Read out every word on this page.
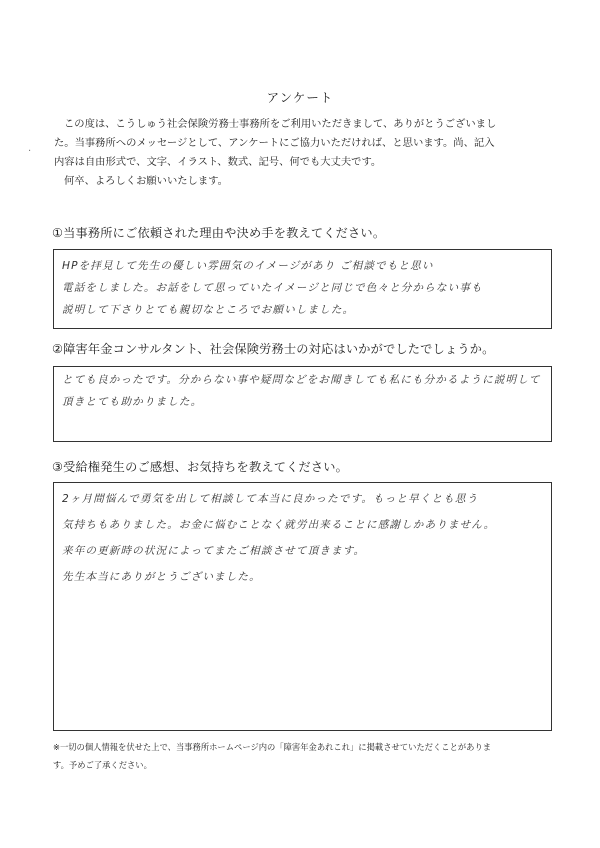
アンケート
.

この度は、こうしゅう社会保険労務士事務所をご利用いただきまして、ありがとうございまし

た。当事務所へのメッセージとして、アンケートにご協力いただければ、と思います。尚、記入

内容は自由形式で、文字、イラスト、数式、記号、何でも大丈夫です。

何卒、よろしくお願いいたします。

①当事務所にご依頼された理由や決め手を教えてください。
HPを拝見して先生の優しい雰囲気のイメージがあり ご相談でもと思い
電話をしました。お話をして思っていたイメージと同じで色々と分からない事も
説明して下さりとても親切なところでお願いしました。
②障害年金コンサルタント、社会保険労務士の対応はいかがでしたでしょうか。
とても良かったです。分からない事や疑問などをお聞きしても私にも分かるように説明して
頂きとても助かりました。
③受給権発生のご感想、お気持ちを教えてください。
2ヶ月間悩んで勇気を出して相談して本当に良かったです。もっと早くとも思う
気持ちもありました。お金に悩むことなく就労出来ることに感謝しかありません。
来年の更新時の状況によってまたご相談させて頂きます。
先生本当にありがとうございました。
※一切の個人情報を伏せた上で、当事務所ホームページ内の「障害年金あれこれ」に掲載させていただくことがありま
す。予めご了承ください。
